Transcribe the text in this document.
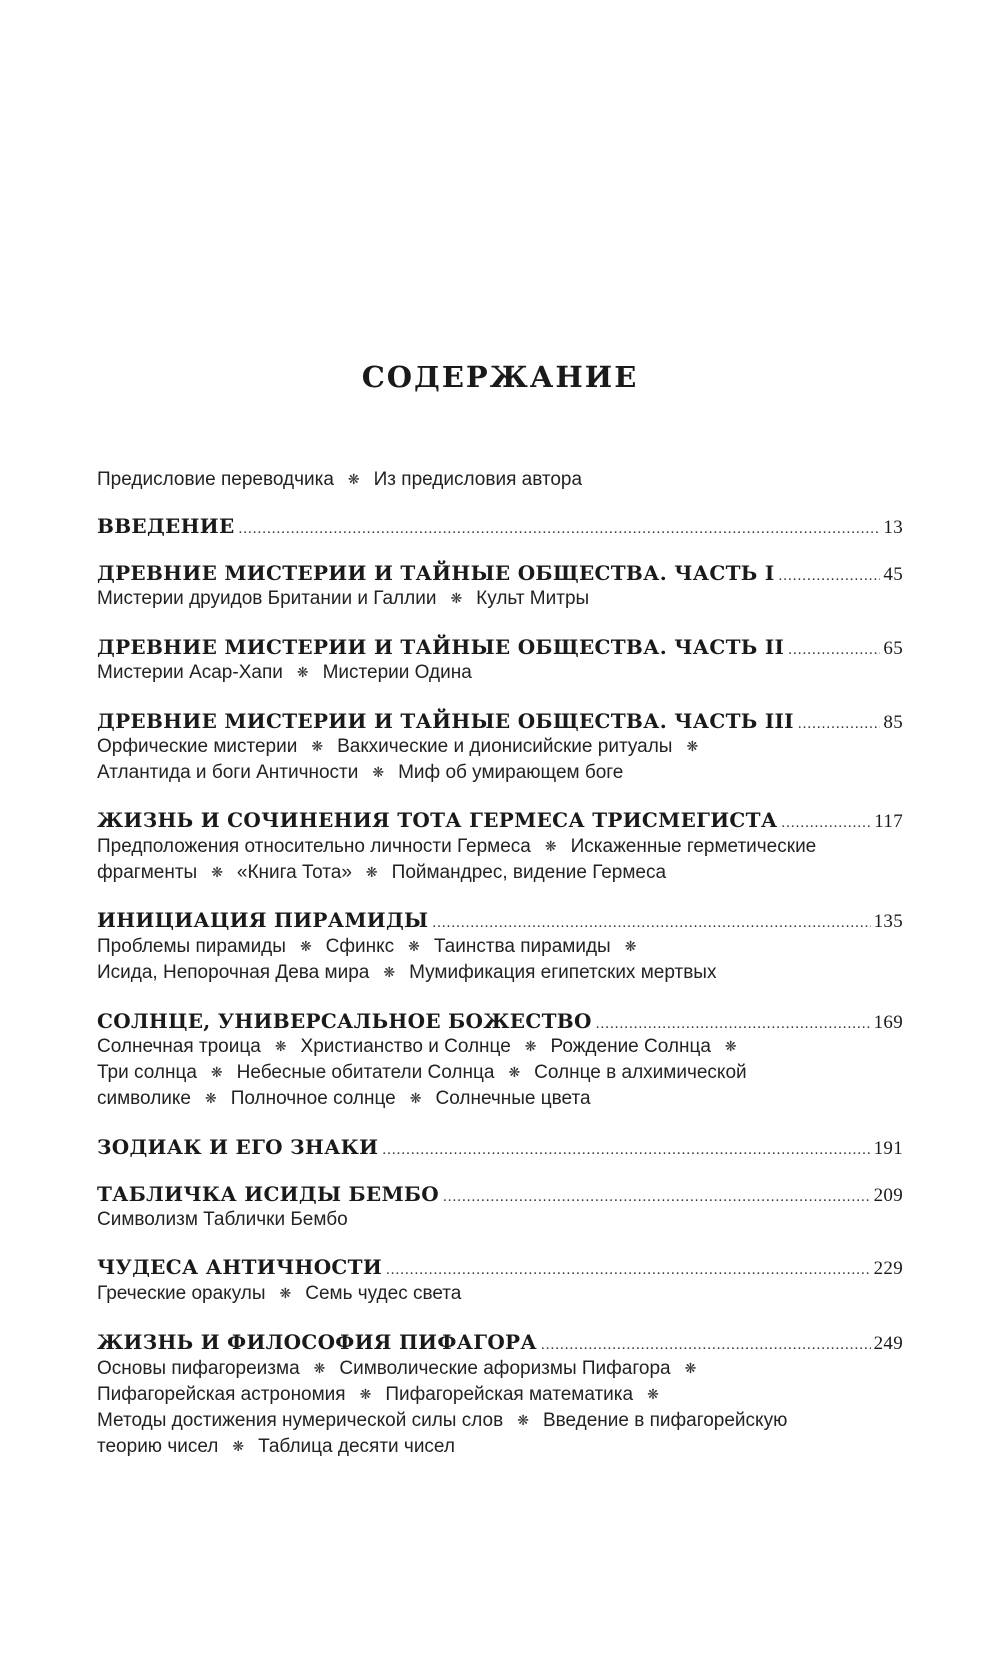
СОДЕРЖАНИЕ
Предисловие переводчика ❋ Из предисловия автора
ВВЕДЕНИЕ .....	13
ДРЕВНИЕ МИСТЕРИИ И ТАЙНЫЕ ОБЩЕСТВА. ЧАСТЬ I .....	45
Мистерии друидов Британии и Галлии ❋ Культ Митры
ДРЕВНИЕ МИСТЕРИИ И ТАЙНЫЕ ОБЩЕСТВА. ЧАСТЬ II .....	65
Мистерии Асар-Хапи ❋ Мистерии Одина
ДРЕВНИЕ МИСТЕРИИ И ТАЙНЫЕ ОБЩЕСТВА. ЧАСТЬ III .....	85
Орфические мистерии ❋ Вакхические и дионисийские ритуалы ❋
Атлантида и боги Античности ❋ Миф об умирающем боге
ЖИЗНЬ И СОЧИНЕНИЯ ТОТА ГЕРМЕСА ТРИСМЕГИСТА .....	117
Предположения относительно личности Гермеса ❋ Искаженные герметические
фрагменты ❋ «Книга Тота» ❋ Поймандрес, видение Гермеса
ИНИЦИАЦИЯ ПИРАМИДЫ .....	135
Проблемы пирамиды ❋ Сфинкс ❋ Таинства пирамиды ❋
Исида, Непорочная Дева мира ❋ Мумификация египетских мертвых
СОЛНЦЕ, УНИВЕРСАЛЬНОЕ БОЖЕСТВО .....	169
Солнечная троица ❋ Христианство и Солнце ❋ Рождение Солнца ❋
Три солнца ❋ Небесные обитатели Солнца ❋ Солнце в алхимической
символике ❋ Полночное солнце ❋ Солнечные цвета
ЗОДИАК И ЕГО ЗНАКИ .....	191
ТАБЛИЧКА ИСИДЫ БЕМБО .....	209
Символизм Таблички Бембо
ЧУДЕСА АНТИЧНОСТИ .....	229
Греческие оракулы ❋ Семь чудес света
ЖИЗНЬ И ФИЛОСОФИЯ ПИФАГОРА .....	249
Основы пифагореизма ❋ Символические афоризмы Пифагора ❋
Пифагорейская астрономия ❋ Пифагорейская математика ❋
Методы достижения нумерической силы слов ❋ Введение в пифагорейскую
теорию чисел ❋ Таблица десяти чисел
